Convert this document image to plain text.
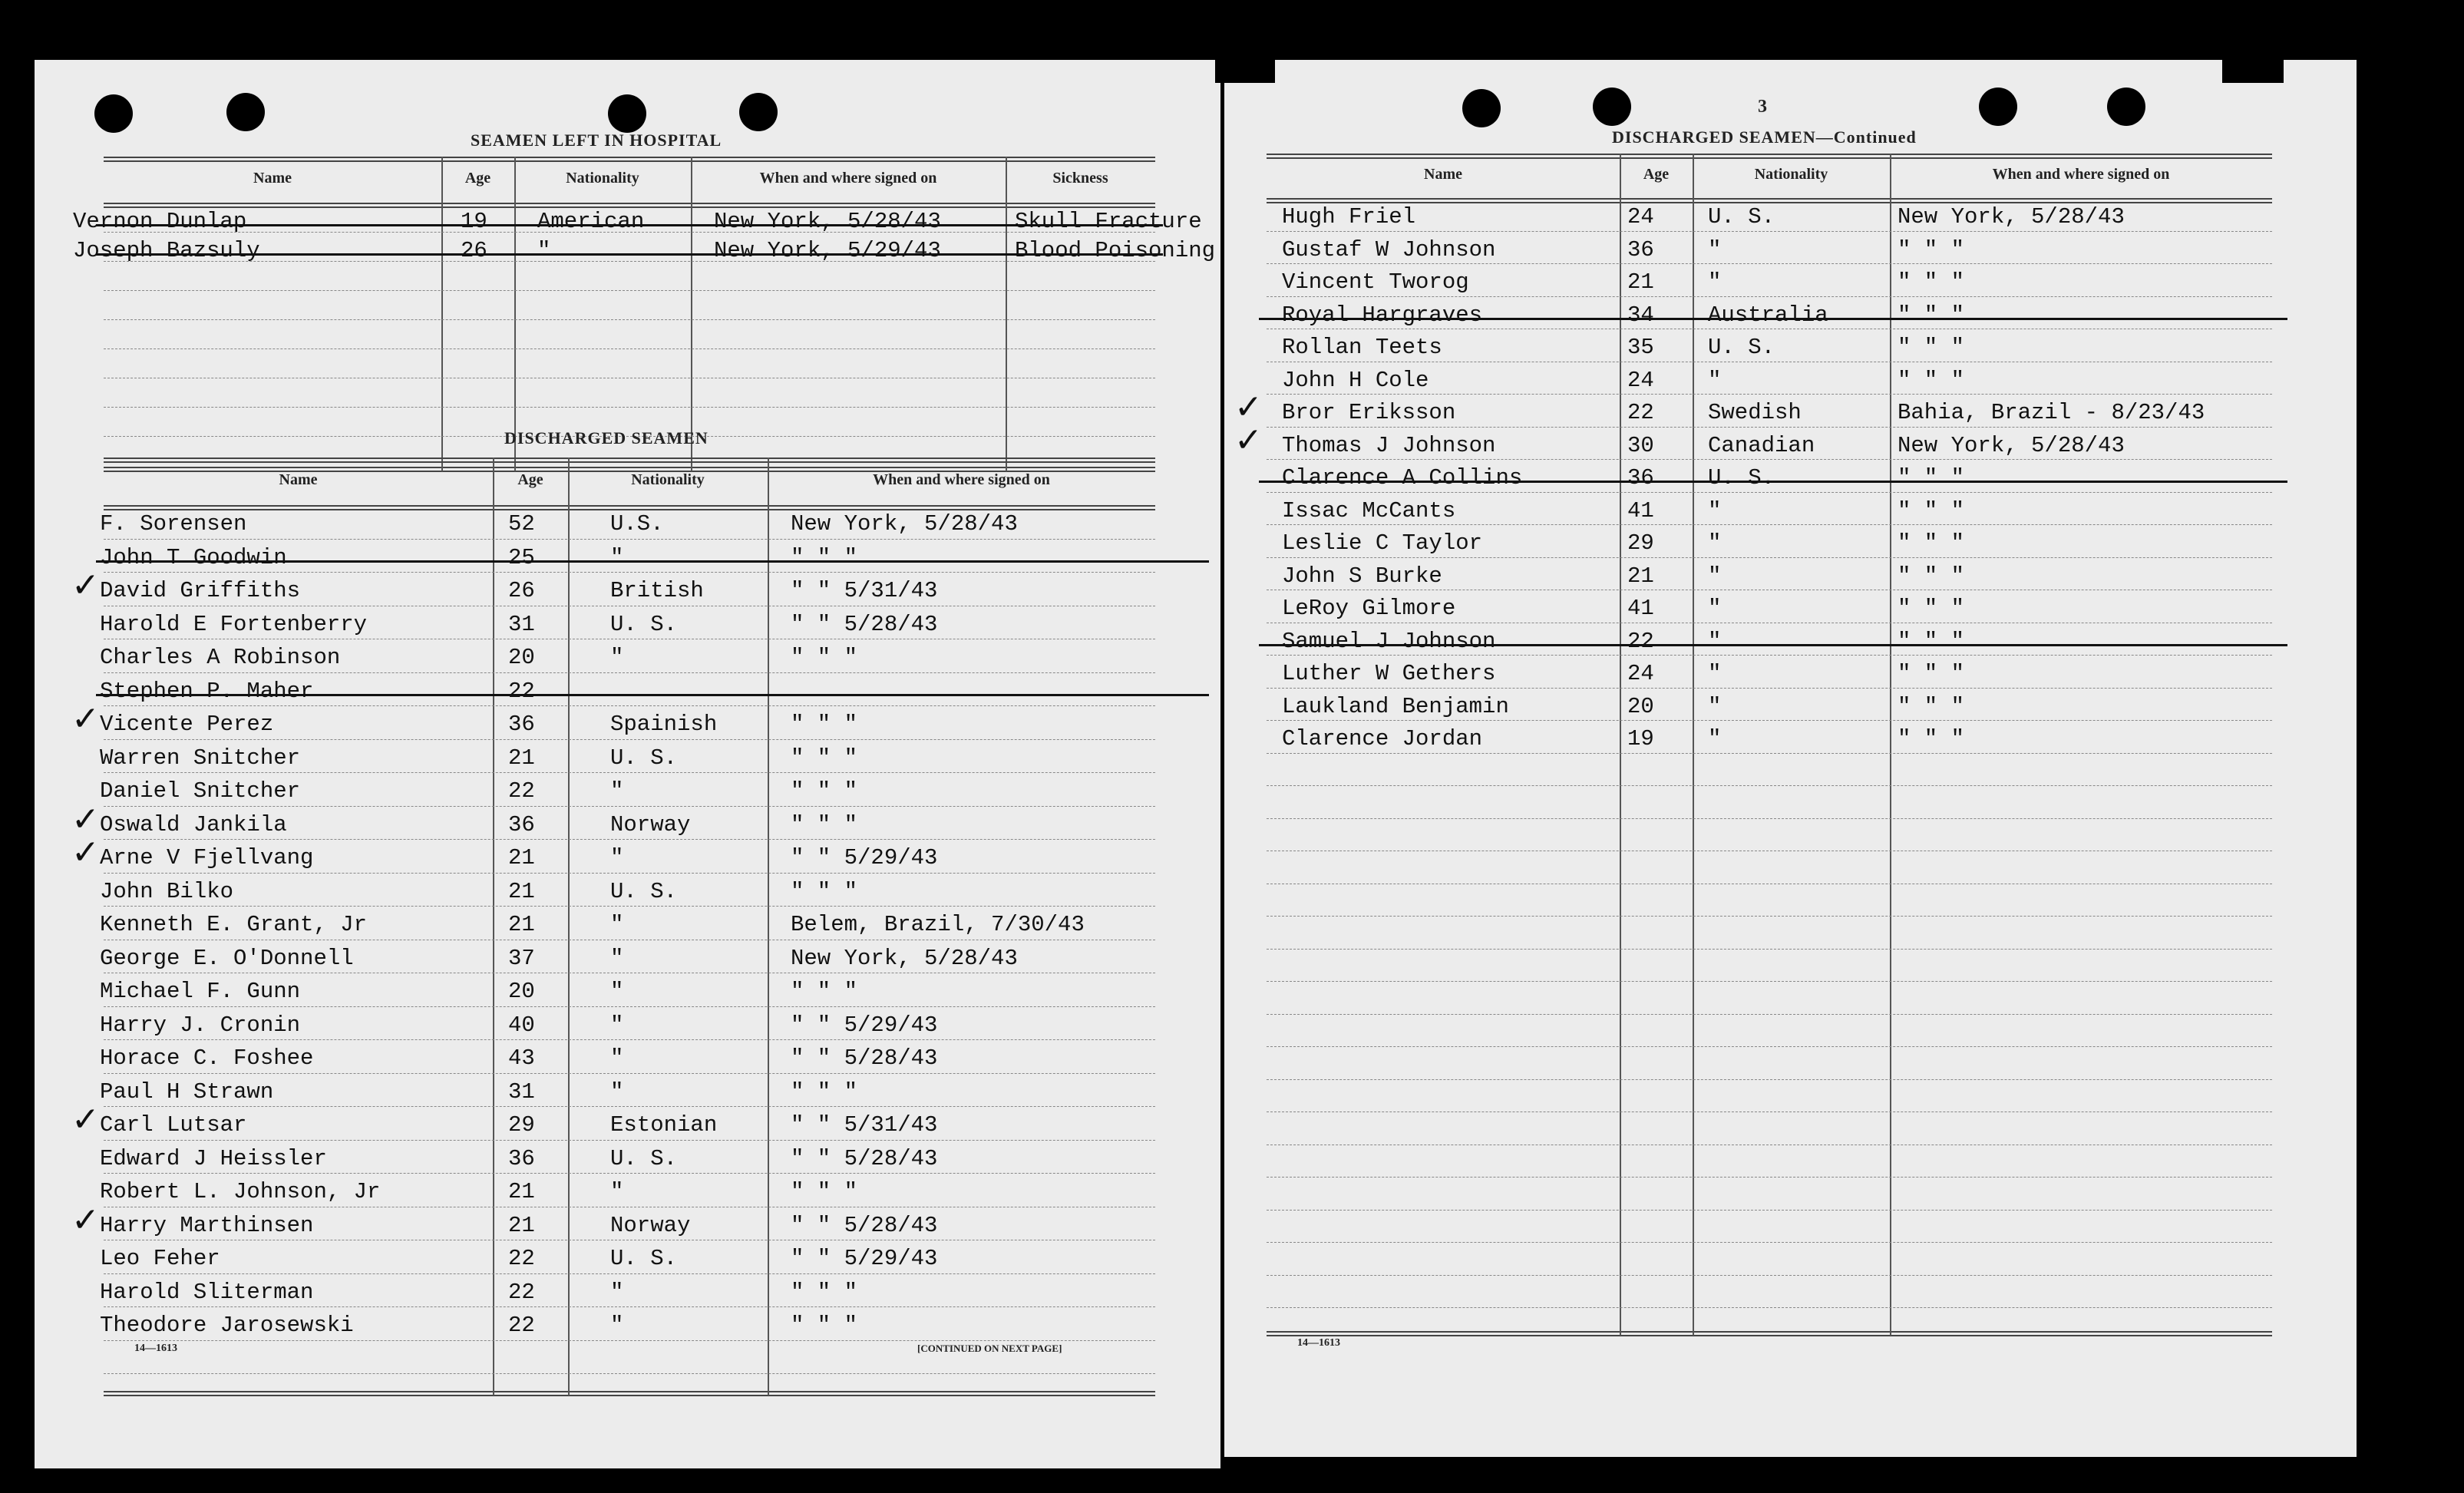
SEAMEN LEFT IN HOSPITAL
Name	Age	Nationality	When and where signed on	Sickness
Vernon Dunlap	19 American	New York, 5/28/43	Skull Fracture
Joseph Bazsuly	26 "	New York, 5/29/43	Blood Poisoning
DISCHARGED SEAMEN
Name	Age	Nationality	When and where signed on
F. Sorensen	52	U.S.	New York, 5/28/43
John T Goodwin	25	"	" " "
David Griffiths	26	British	" " 5/31/43
✓
Harold E Fortenberry	31	U. S.	" " 5/28/43
Charles A Robinson	20	"	" " "
Stephen P. Maher	22
Vicente Perez	36	Spainish	" " "
✓
Warren Snitcher	21	U. S.	" " "
Daniel Snitcher	22	"	" " "
Oswald Jankila	36	Norway	" " "
✓
Arne V Fjellvang	21	"	" " 5/29/43
✓
John Bilko	21	U. S.	" " "
Kenneth E. Grant, Jr	21	"	Belem, Brazil, 7/30/43
George E. O'Donnell	37	"	New York, 5/28/43
Michael F. Gunn	20	"	" " "
Harry J. Cronin	40	"	" " 5/29/43
Horace C. Foshee	43	"	" " 5/28/43
Paul H Strawn	31	"	" " "
Carl Lutsar	29	Estonian	" " 5/31/43
✓
Edward J Heissler	36	U. S.	" " 5/28/43
Robert L. Johnson, Jr	21	"	" " "
Harry Marthinsen	21	Norway	" " 5/28/43
✓
Leo Feher	22	U. S.	" " 5/29/43
Harold Sliterman	22	"	" " "
Theodore Jarosewski	22	"	" " "
14—1613	[CONTINUED ON NEXT PAGE]
3
DISCHARGED SEAMEN—Continued
Name	Age	Nationality	When and where signed on
Hugh Friel	24 U. S.	New York, 5/28/43
Gustaf W Johnson	36 "	" " "
Vincent Tworog	21 "	" " "
Royal Hargraves	34 Australia	" " "
Rollan Teets	35 U. S.	" " "
John H Cole	24 "	" " "
Bror Eriksson	22 Swedish	Bahia, Brazil - 8/23/43
✓
Thomas J Johnson	30 Canadian	New York, 5/28/43
✓
Clarence A Collins	36 U. S.	" " "
Issac McCants	41 "	" " "
Leslie C Taylor	29 "	" " "
John S Burke	21 "	" " "
LeRoy Gilmore	41 "	" " "
Samuel J Johnson	22 "	" " "
Luther W Gethers	24 "	" " "
Laukland Benjamin	20 "	" " "
Clarence Jordan	19 "	" " "
14—1613
